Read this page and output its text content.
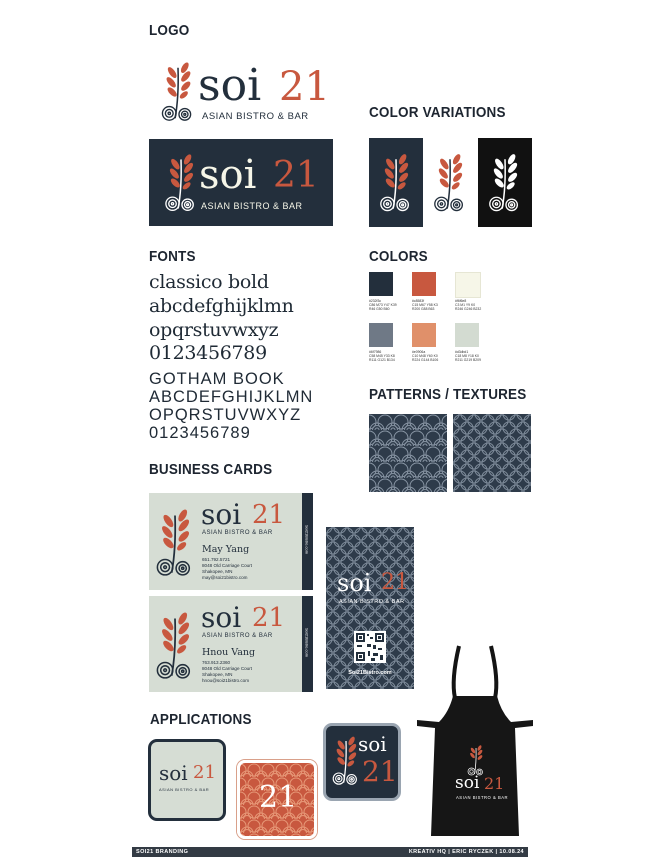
LOGO
soi 21
ASIAN BISTRO & BAR
soi 21
ASIAN BISTRO & BAR
COLOR VARIATIONS
FONTS
classico bold
abcdefghijklmn
opqrstuvwxyz
0123456789
GOTHAM BOOK
ABCDEFGHIJKLMN
OPQRSTUVWXYZ
0123456789
COLORS
#232f3c
C86 M73 Y47 K39
R46 G50 B60
#c8583f
C15 M67 Y58 K3
R200 G88 B63
#f6f6e8
C3 M1 Y9 K0
R246 G246 B232
#6f7986
C58 M45 Y33 K8
R111 G121 B134
#e0906a
C10 M48 Y60 K0
R224 G144 B106
#d3dbd1
C18 M8 Y18 K0
R211 G219 B209
PATTERNS / TEXTURES
BUSINESS CARDS
soi 21
ASIAN BISTRO & BAR
May Yang
651.792.5721
8048 Old Carriage Court
Shakopee, MN
may@soi21bistro.com
Soi21Bistro.com
soi 21
ASIAN BISTRO & BAR
Hnou Vang
763.913.2360
8048 Old Carriage Court
Shakopee, MN
hnou@soi21bistro.com
Soi21Bistro.com
soi 21
ASIAN BISTRO & BAR
Soi21Bistro.com
APPLICATIONS
soi 21
ASIAN BISTRO & BAR 21
soi
21	soi 21
ASIAN BISTRO & BAR
SOI21 BRANDING	KREATIV HQ | ERIC RYCZEK | 10.08.24
